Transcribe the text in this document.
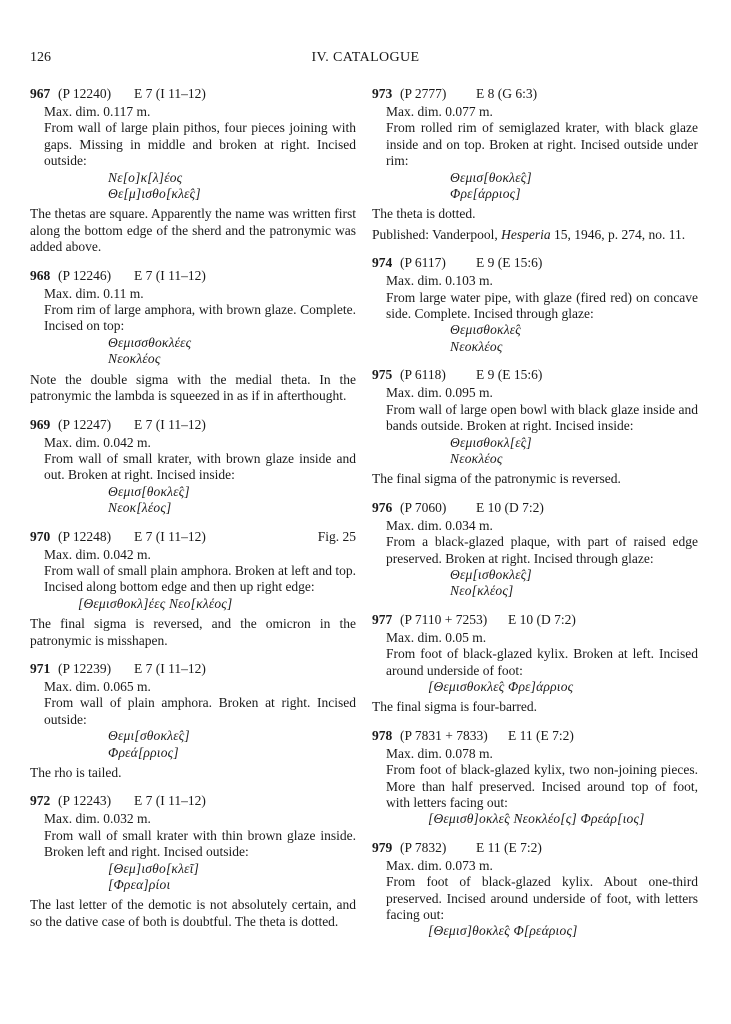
126	IV. CATALOGUE
967 (P 12240) E 7 (I 11–12)
Max. dim. 0.117 m.
From wall of large plain pithos, four pieces joining with gaps. Missing in middle and broken at right. Incised outside:
Νε[ο]κ[λ]έος
Θε[μ]ισθο[κλε̂ς]
The thetas are square. Apparently the name was written first along the bottom edge of the sherd and the patronymic was added above.
968 (P 12246) E 7 (I 11–12)
Max. dim. 0.11 m.
From rim of large amphora, with brown glaze. Complete. Incised on top:
Θεμισσθοκλέες
Νεοκλέος
Note the double sigma with the medial theta. In the patronymic the lambda is squeezed in as if in afterthought.
969 (P 12247) E 7 (I 11–12)
Max. dim. 0.042 m.
From wall of small krater, with brown glaze inside and out. Broken at right. Incised inside:
Θεμισ[θοκλε̂ς]
Νεοκ[λέος]
970 (P 12248) E 7 (I 11–12)	Fig. 25
Max. dim. 0.042 m.
From wall of small plain amphora. Broken at left and top. Incised along bottom edge and then up right edge:
[Θεμισθοκλ]έες Νεο[κλέος]
The final sigma is reversed, and the omicron in the patronymic is misshapen.
971 (P 12239) E 7 (I 11–12)
Max. dim. 0.065 m.
From wall of plain amphora. Broken at right. Incised outside:
Θεμι[σθοκλε̂ς]
Φρεά[ρριος]
The rho is tailed.
972 (P 12243) E 7 (I 11–12)
Max. dim. 0.032 m.
From wall of small krater with thin brown glaze inside. Broken left and right. Incised outside:
[Θεμ]ισθο[κλεῖ]
[Φρεα]ρίοι
The last letter of the demotic is not absolutely certain, and so the dative case of both is doubtful. The theta is dotted.
973 (P 2777) E 8 (G 6:3)
Max. dim. 0.077 m.
From rolled rim of semiglazed krater, with black glaze inside and on top. Broken at right. Incised outside under rim:
Θεμισ[θοκλε̂ς]
Φρε[άρριος]
The theta is dotted.
Published: Vanderpool, Hesperia 15, 1946, p. 274, no. 11.
974 (P 6117) E 9 (E 15:6)
Max. dim. 0.103 m.
From large water pipe, with glaze (fired red) on concave side. Complete. Incised through glaze:
Θεμισθοκλε̂ς
Νεοκλέος
975 (P 6118) E 9 (E 15:6)
Max. dim. 0.095 m.
From wall of large open bowl with black glaze inside and bands outside. Broken at right. Incised inside:
Θεμισθοκλ[ε̂ς]
Νεοκλέος
The final sigma of the patronymic is reversed.
976 (P 7060) E 10 (D 7:2)
Max. dim. 0.034 m.
From a black-glazed plaque, with part of raised edge preserved. Broken at right. Incised through glaze:
Θεμ[ισθοκλε̂ς]
Νεο[κλέος]
977 (P 7110 + 7253) E 10 (D 7:2)
Max. dim. 0.05 m.
From foot of black-glazed kylix. Broken at left. Incised around underside of foot:
[Θεμισθοκλε̂ς Φρε]άρριος
The final sigma is four-barred.
978 (P 7831 + 7833) E 11 (E 7:2)
Max. dim. 0.078 m.
From foot of black-glazed kylix, two non-joining pieces. More than half preserved. Incised around top of foot, with letters facing out:
[Θεμισθ]οκλε̂ς Νεοκλέο[ς] Φρεάρ[ιος]
979 (P 7832) E 11 (E 7:2)
Max. dim. 0.073 m.
From foot of black-glazed kylix. About one-third preserved. Incised around underside of foot, with letters facing out:
[Θεμισ]θοκλε̂ς Φ[ρεάριος]
